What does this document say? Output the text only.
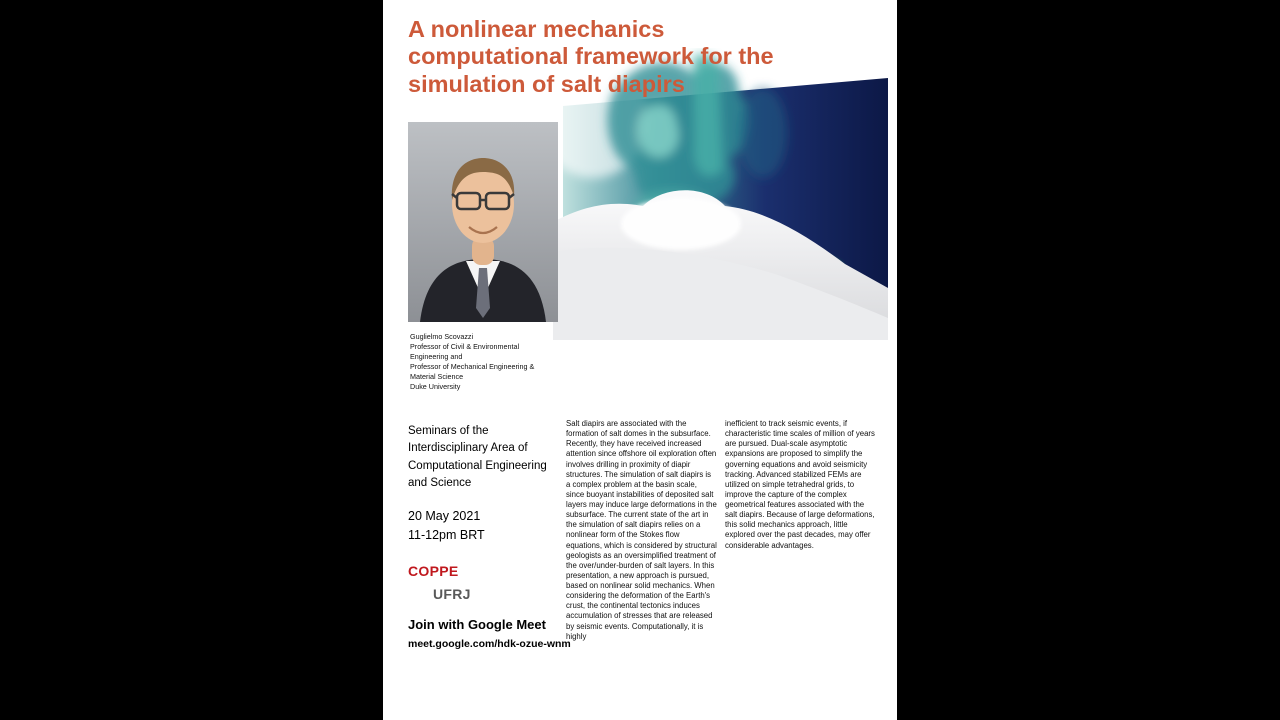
A nonlinear mechanics computational framework for the simulation of salt diapirs
Guglielmo Scovazzi
Professor of Civil & Environmental
Engineering and
Professor of Mechanical Engineering &
Material Science
Duke University
Seminars of the Interdisciplinary Area of Computational Engineering and Science
20 May 2021
11-12pm BRT
COPPE
UFRJ
Join with Google Meet
meet.google.com/hdk-ozue-wnm
Salt diapirs are associated with the formation of salt domes in the subsurface. Recently, they have received increased attention since offshore oil exploration often involves drilling in proximity of diapir structures. The simulation of salt diapirs is a complex problem at the basin scale, since buoyant instabilities of deposited salt layers may induce large deformations in the subsurface. The current state of the art in the simulation of salt diapirs relies on a nonlinear form of the Stokes flow equations, which is considered by structural geologists as an oversimplified treatment of the over/under-burden of salt layers. In this presentation, a new approach is pursued, based on nonlinear solid mechanics. When considering the deformation of the Earth's crust, the continental tectonics induces accumulation of stresses that are released by seismic events. Computationally, it is highly
inefficient to track seismic events, if characteristic time scales of million of years are pursued. Dual-scale asymptotic expansions are proposed to simplify the governing equations and avoid seismicity tracking. Advanced stabilized FEMs are utilized on simple tetrahedral grids, to improve the capture of the complex geometrical features associated with the salt diapirs. Because of large deformations, this solid mechanics approach, little explored over the past decades, may offer considerable advantages.
